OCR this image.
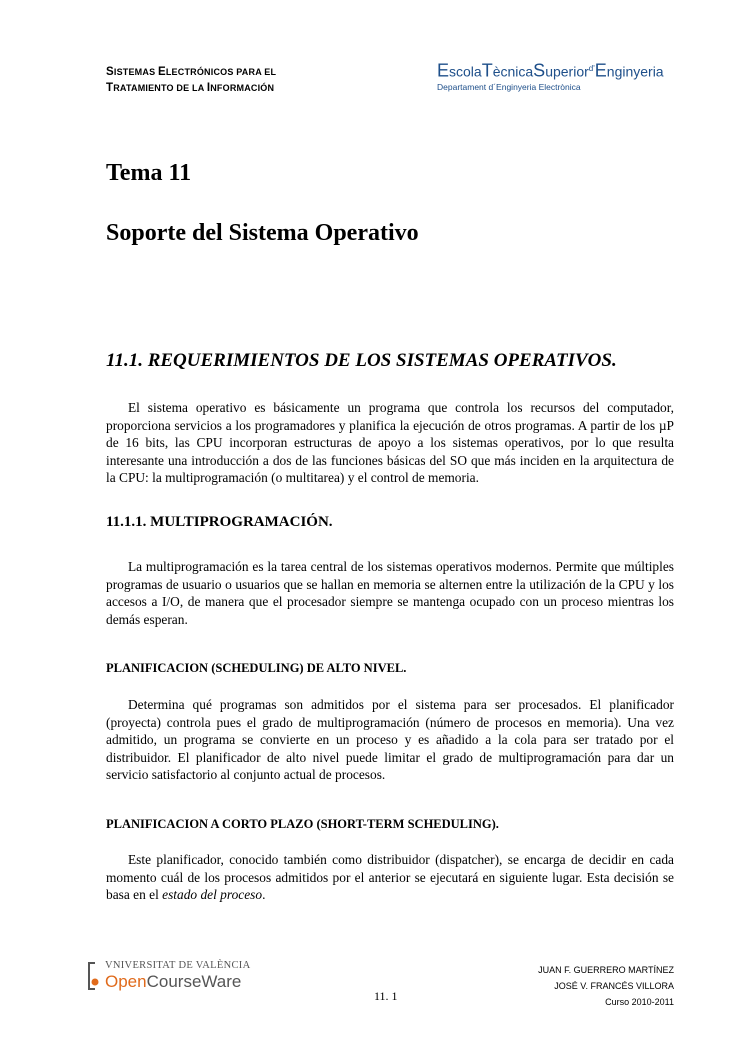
SISTEMAS ELECTRÓNICOS PARA EL
TRATAMIENTO DE LA INFORMACIÓN
EscolaTècnicaSuperior$^{d'}$Enginyeria
Departament d´Enginyeria Electrònica
Tema 11
Soporte del Sistema Operativo
11.1. REQUERIMIENTOS DE LOS SISTEMAS OPERATIVOS.
El sistema operativo es básicamente un programa que controla los recursos del computador, proporciona servicios a los programadores y planifica la ejecución de otros programas. A partir de los µP de 16 bits, las CPU incorporan estructuras de apoyo a los sistemas operativos, por lo que resulta interesante una introducción a dos de las funciones básicas del SO que más inciden en la arquitectura de la CPU: la multiprogramación (o multitarea) y el control de memoria.
11.1.1. MULTIPROGRAMACIÓN.
La multiprogramación es la tarea central de los sistemas operativos modernos. Permite que múltiples programas de usuario o usuarios que se hallan en memoria se alternen entre la utilización de la CPU y los accesos a I/O, de manera que el procesador siempre se mantenga ocupado con un proceso mientras los demás esperan.
PLANIFICACION (SCHEDULING) DE ALTO NIVEL.
Determina qué programas son admitidos por el sistema para ser procesados. El planificador (proyecta) controla pues el grado de multiprogramación (número de procesos en memoria). Una vez admitido, un programa se convierte en un proceso y es añadido a la cola para ser tratado por el distribuidor. El planificador de alto nivel puede limitar el grado de multiprogramación para dar un servicio satisfactorio al conjunto actual de procesos.
PLANIFICACION A CORTO PLAZO (SHORT-TERM SCHEDULING).
Este planificador, conocido también como distribuidor (dispatcher), se encarga de decidir en cada momento cuál de los procesos admitidos por el anterior se ejecutará en siguiente lugar. Esta decisión se basa en el estado del proceso.
VNIVERSITAT DE VALÈNCIA
OpenCourseWare
11. 1
JUAN F. GUERRERO MARTÍNEZ
JOSÉ V. FRANCÉS VILLORA
Curso 2010-2011
